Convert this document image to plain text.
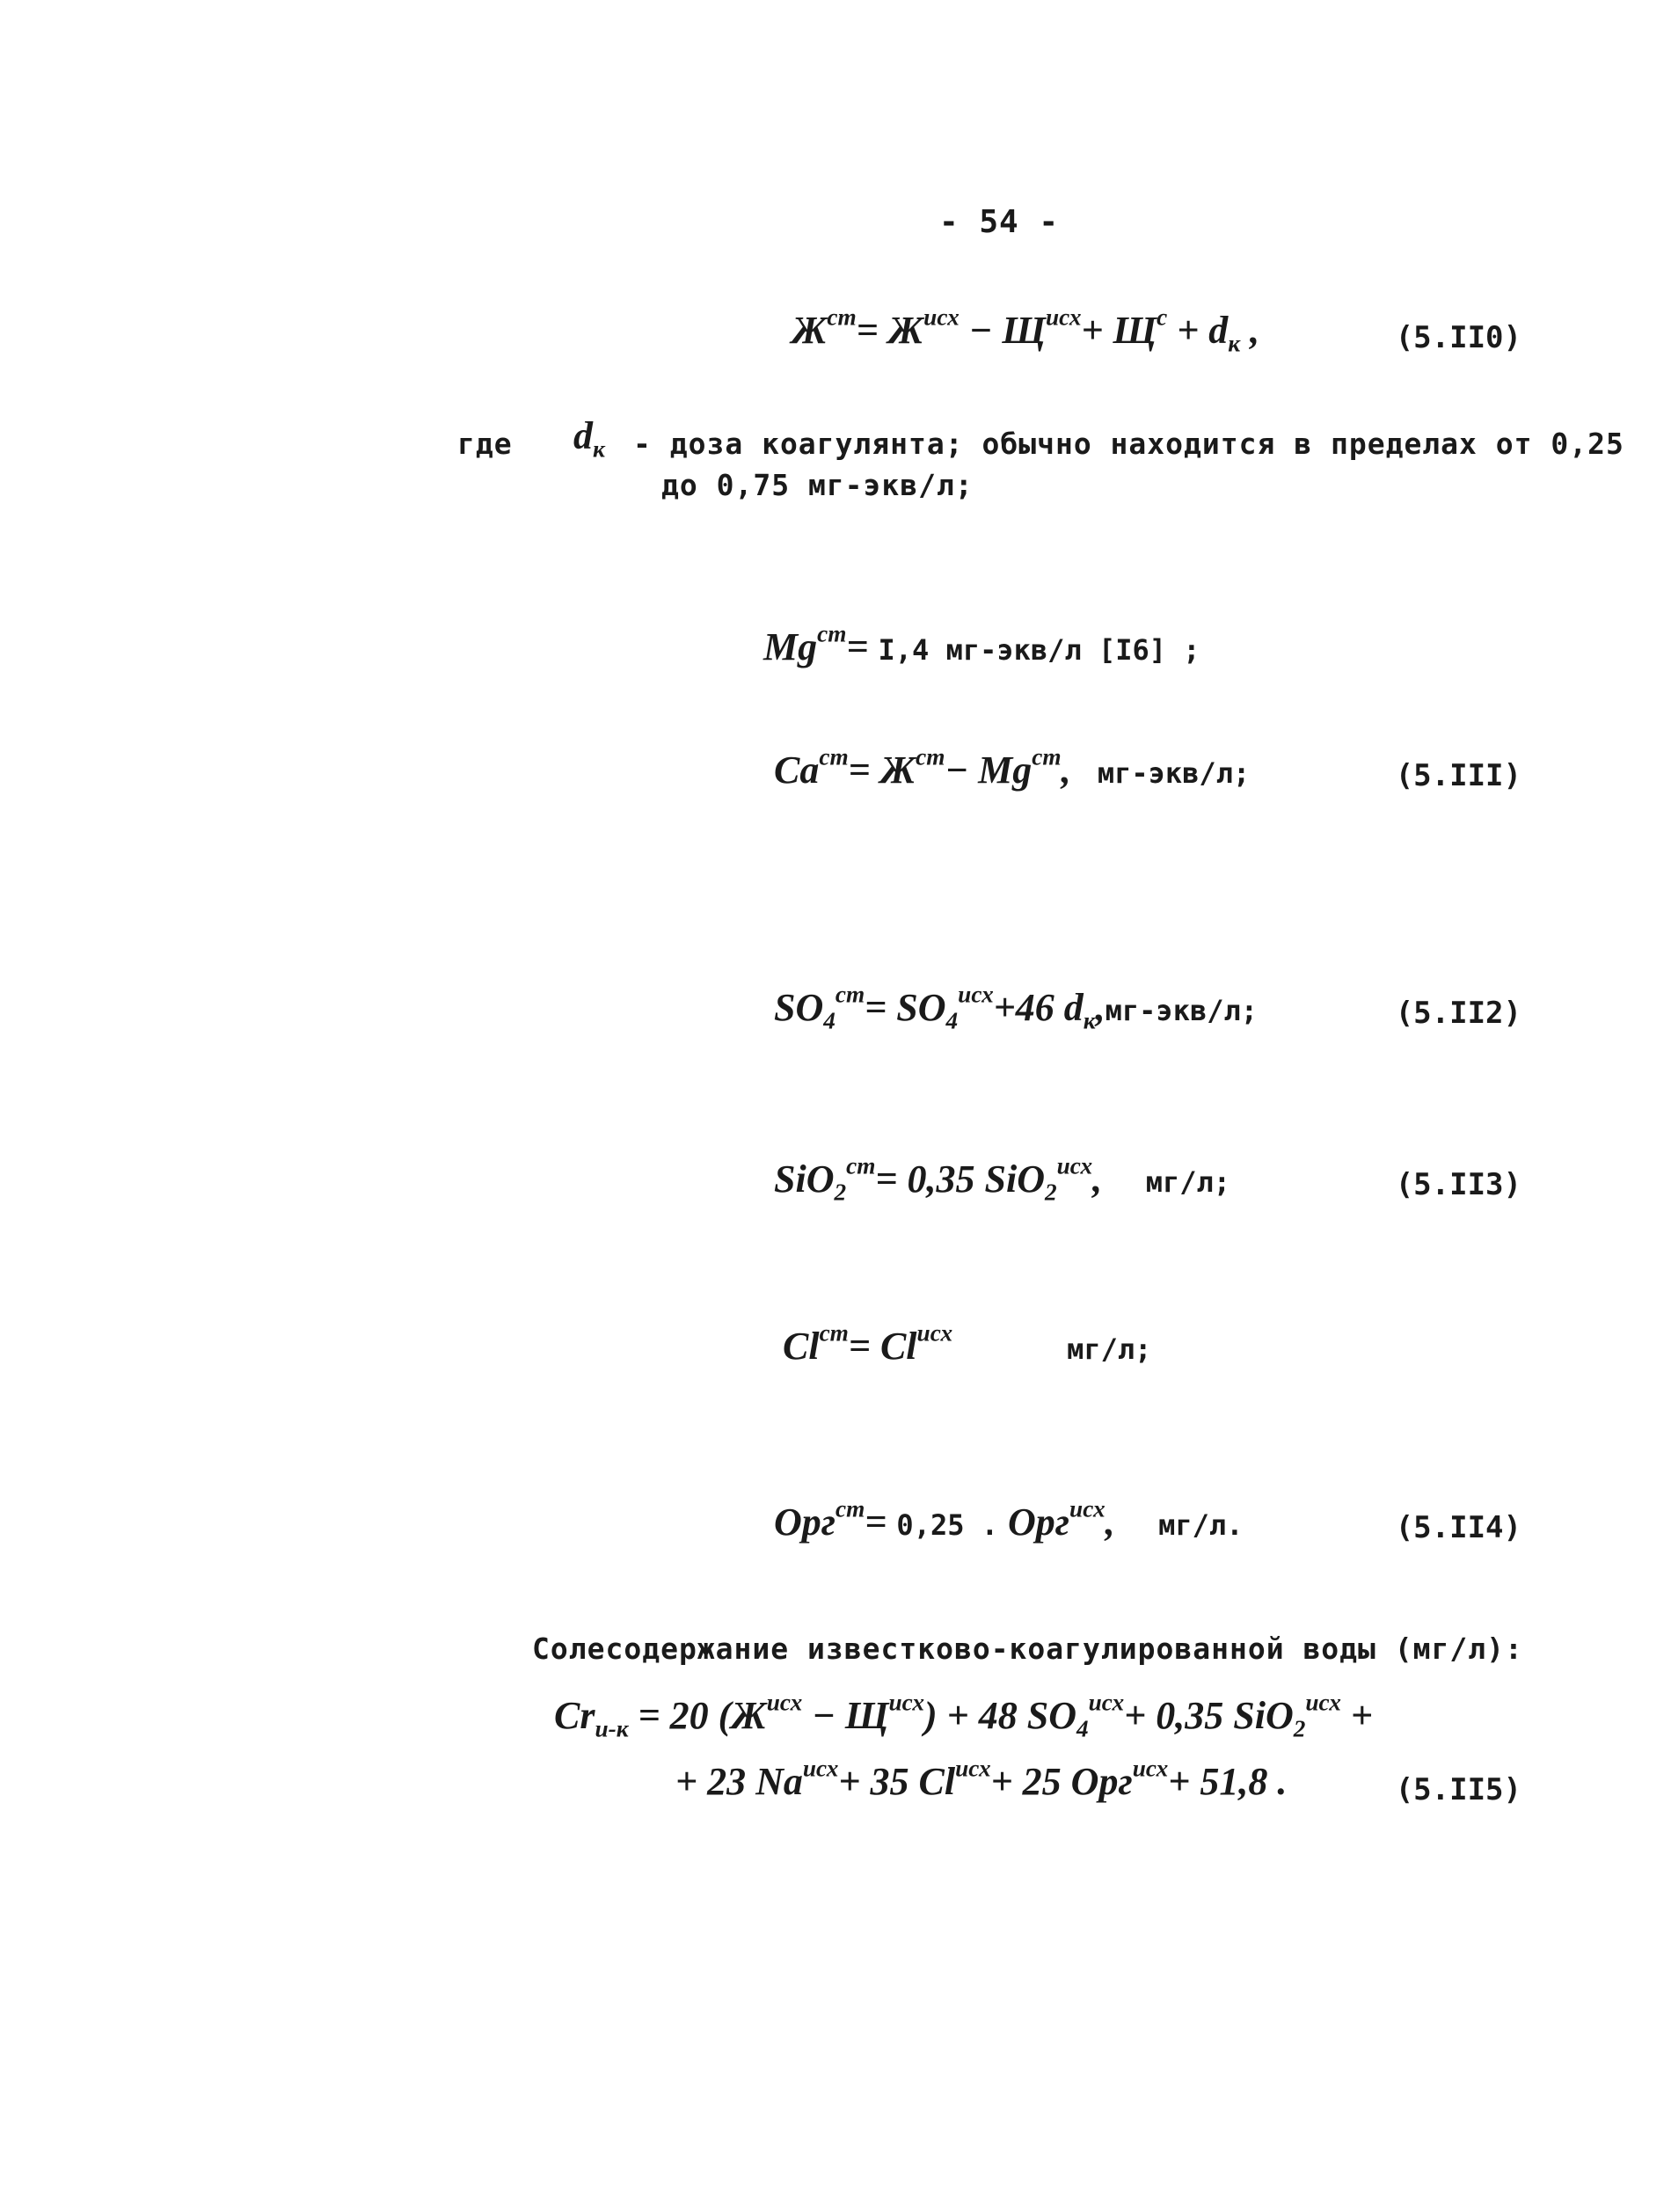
- 54 -
$Ж^{ст}= Ж^{исх} - Щ^{исх}+ Щ^с + d_к$ ,	(5.II0)
где $d_к$ - доза коагулянта; обычно находится в пределах от 0,25
до 0,75 мг-экв/л;
$Mg^{ст}= I,4$ мг-экв/л [I6] ;
$Ca^{ст}= Ж^{ст}- Mg^{ст}$,  мг-экв/л;	(5.III)
$SO_4^{ст}= SO_4^{исх}+46$ $d_к,мг-экв/л$;	(5.II2)
SiO$_2^{ст}$= 0,35 SiO$_2^{исх}$,   мг/л;	(5.II3)
$Cl^{ст}= Cl^{исх}$	мг/л;
Opг$^{ст}$= 0,25 . Opг$^{исх}$,   мг/л.	(5.II4)
Солесодержание известково-коагулированной воды (мг/л):
$Cr_{и-к} = 20$ $(Ж^{исх} - Щ^{исх}) + 48$ $SO_4^{исх}+ 0,35$ SiO$_2^{исх}$ +
+ 23 $Na^{исх}+ 35$ $Cl^{исх}+ 25$ Opг$^{исх}$+ 51,8 .	(5.II5)
